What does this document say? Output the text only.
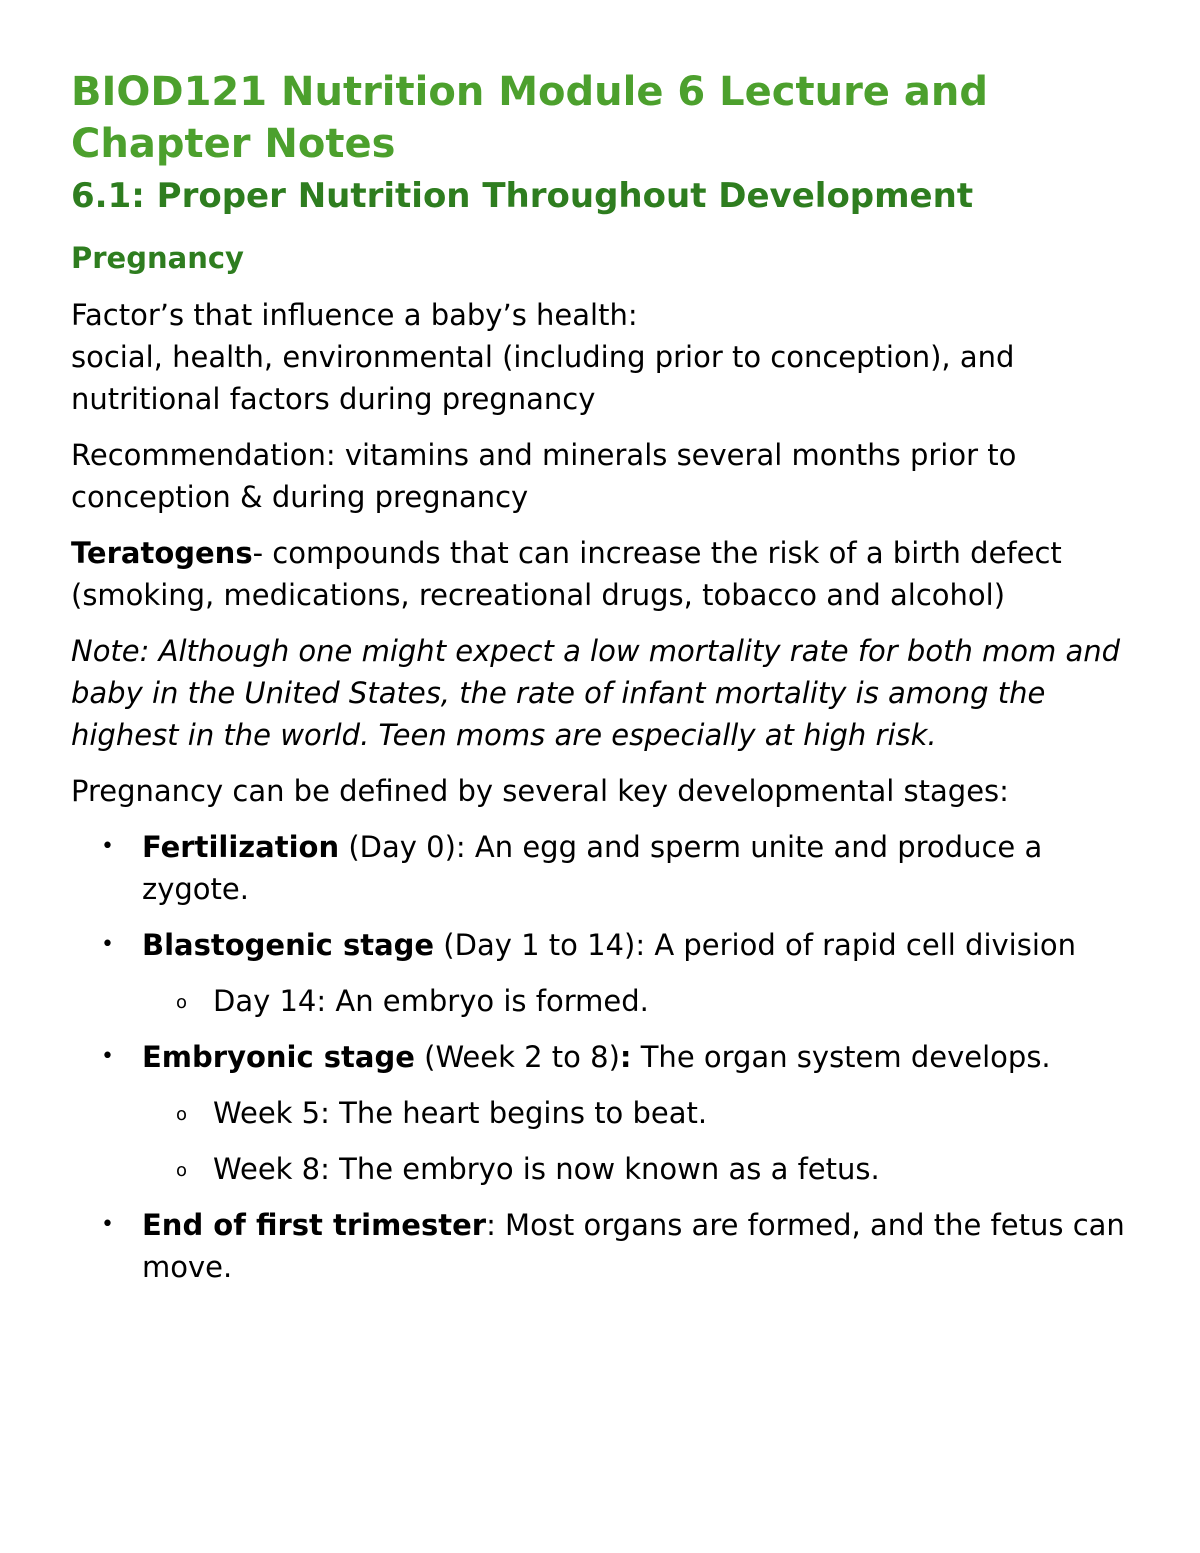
BIOD121 Nutrition Module 6 Lecture and
Chapter Notes
6.1: Proper Nutrition Throughout Development
Pregnancy

Factor’s that influence a baby’s health:

social, health, environmental (including prior to conception), and nutritional factors during pregnancy

Recommendation: vitamins and minerals several months prior to conception & during pregnancy

Teratogens- compounds that can increase the risk of a birth defect (smoking, medications, recreational drugs, tobacco and alcohol)

Note: Although one might expect a low mortality rate for both mom and baby in the United States, the rate of infant mortality is among the highest in the world. Teen moms are especially at high risk.

Pregnancy can be defined by several key developmental stages:

• Fertilization (Day 0): An egg and sperm unite and produce a zygote.
• Blastogenic stage (Day 1 to 14): A period of rapid cell division
o Day 14: An embryo is formed.
• Embryonic stage (Week 2 to 8): The organ system develops.
o Week 5: The heart begins to beat.
o Week 8: The embryo is now known as a fetus.
• End of first trimester: Most organs are formed, and the fetus can move.
